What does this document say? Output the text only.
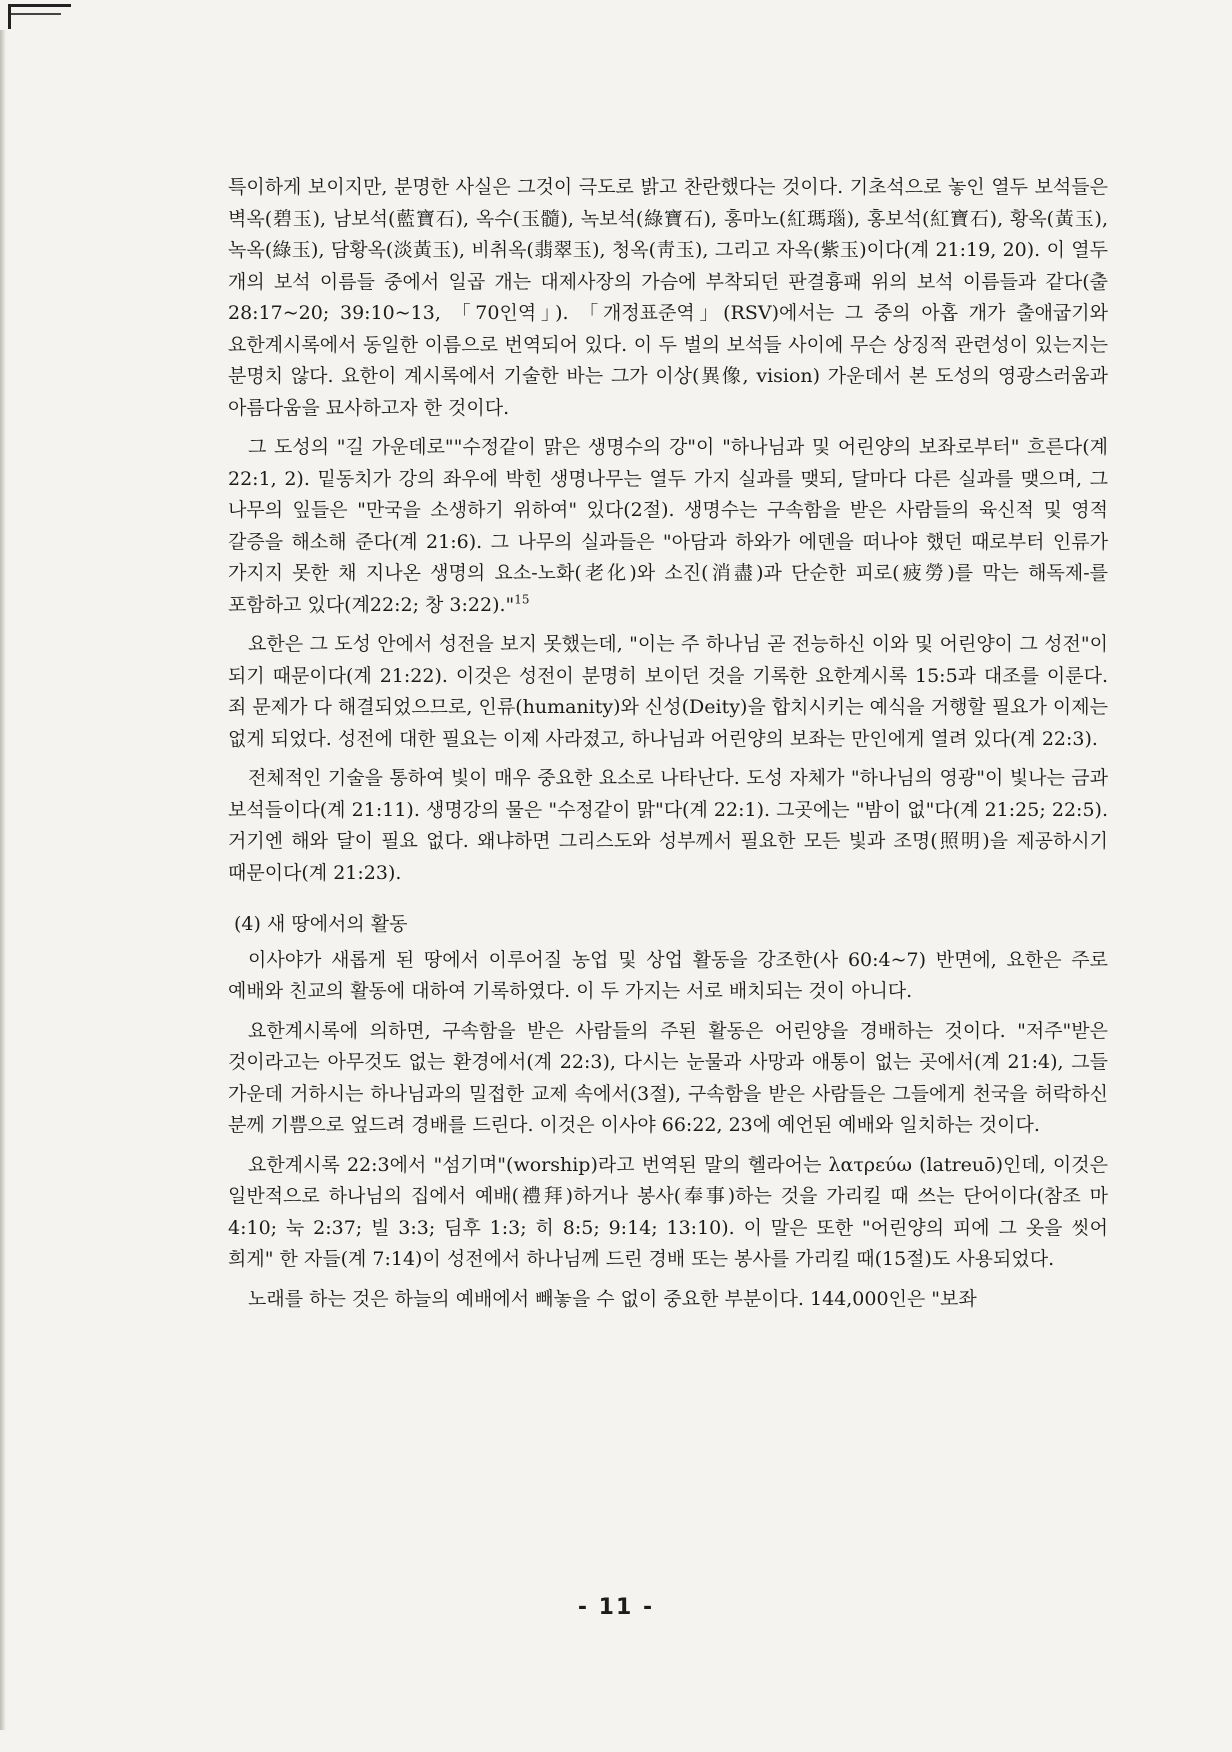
특이하게 보이지만, 분명한 사실은 그것이 극도로 밝고 찬란했다는 것이다. 기초석으로 놓인 열두 보석들은 벽옥(碧玉), 남보석(藍寶石), 옥수(玉髓), 녹보석(綠寶石), 홍마노(紅瑪瑙), 홍보석(紅寶石), 황옥(黃玉), 녹옥(綠玉), 담황옥(淡黃玉), 비취옥(翡翠玉), 청옥(靑玉), 그리고 자옥(紫玉)이다(계 21:19, 20). 이 열두 개의 보석 이름들 중에서 일곱 개는 대제사장의 가슴에 부착되던 판결흉패 위의 보석 이름들과 같다(출 28:17~20; 39:10~13, 「70인역」). 「개정표준역」(RSV)에서는 그 중의 아홉 개가 출애굽기와 요한계시록에서 동일한 이름으로 번역되어 있다. 이 두 벌의 보석들 사이에 무슨 상징적 관련성이 있는지는 분명치 않다. 요한이 계시록에서 기술한 바는 그가 이상(異像, vision) 가운데서 본 도성의 영광스러움과 아름다움을 묘사하고자 한 것이다.

그 도성의 "길 가운데로""수정같이 맑은 생명수의 강"이 "하나님과 및 어린양의 보좌로부터" 흐른다(계 22:1, 2). 밑동치가 강의 좌우에 박힌 생명나무는 열두 가지 실과를 맺되, 달마다 다른 실과를 맺으며, 그 나무의 잎들은 "만국을 소생하기 위하여" 있다(2절). 생명수는 구속함을 받은 사람들의 육신적 및 영적 갈증을 해소해 준다(계 21:6). 그 나무의 실과들은 "아담과 하와가 에덴을 떠나야 했던 때로부터 인류가 가지지 못한 채 지나온 생명의 요소-노화(老化)와 소진(消盡)과 단순한 피로(疲勞)를 막는 해독제-를 포함하고 있다(계22:2; 창 3:22)."$^{15}$

요한은 그 도성 안에서 성전을 보지 못했는데, "이는 주 하나님 곧 전능하신 이와 및 어린양이 그 성전"이 되기 때문이다(계 21:22). 이것은 성전이 분명히 보이던 것을 기록한 요한계시록 15:5과 대조를 이룬다. 죄 문제가 다 해결되었으므로, 인류(humanity)와 신성(Deity)을 합치시키는 예식을 거행할 필요가 이제는 없게 되었다. 성전에 대한 필요는 이제 사라졌고, 하나님과 어린양의 보좌는 만인에게 열려 있다(계 22:3).

전체적인 기술을 통하여 빛이 매우 중요한 요소로 나타난다. 도성 자체가 "하나님의 영광"이 빛나는 금과 보석들이다(계 21:11). 생명강의 물은 "수정같이 맑"다(계 22:1). 그곳에는 "밤이 없"다(계 21:25; 22:5). 거기엔 해와 달이 필요 없다. 왜냐하면 그리스도와 성부께서 필요한 모든 빛과 조명(照明)을 제공하시기 때문이다(계 21:23).

(4) 새 땅에서의 활동

이사야가 새롭게 된 땅에서 이루어질 농업 및 상업 활동을 강조한(사 60:4~7) 반면에, 요한은 주로 예배와 친교의 활동에 대하여 기록하였다. 이 두 가지는 서로 배치되는 것이 아니다.

요한계시록에 의하면, 구속함을 받은 사람들의 주된 활동은 어린양을 경배하는 것이다. "저주"받은 것이라고는 아무것도 없는 환경에서(계 22:3), 다시는 눈물과 사망과 애통이 없는 곳에서(계 21:4), 그들 가운데 거하시는 하나님과의 밀접한 교제 속에서(3절), 구속함을 받은 사람들은 그들에게 천국을 허락하신 분께 기쁨으로 엎드려 경배를 드린다. 이것은 이사야 66:22, 23에 예언된 예배와 일치하는 것이다.

요한계시록 22:3에서 "섬기며"(worship)라고 번역된 말의 헬라어는 λατρεύω (latreuō)인데, 이것은 일반적으로 하나님의 집에서 예배(禮拜)하거나 봉사(奉事)하는 것을 가리킬 때 쓰는 단어이다(참조 마 4:10; 눅 2:37; 빌 3:3; 딤후 1:3; 히 8:5; 9:14; 13:10). 이 말은 또한 "어린양의 피에 그 옷을 씻어 희게" 한 자들(계 7:14)이 성전에서 하나님께 드린 경배 또는 봉사를 가리킬 때(15절)도 사용되었다.

노래를 하는 것은 하늘의 예배에서 빼놓을 수 없이 중요한 부분이다. 144,000인은 "보좌

- 11 -
